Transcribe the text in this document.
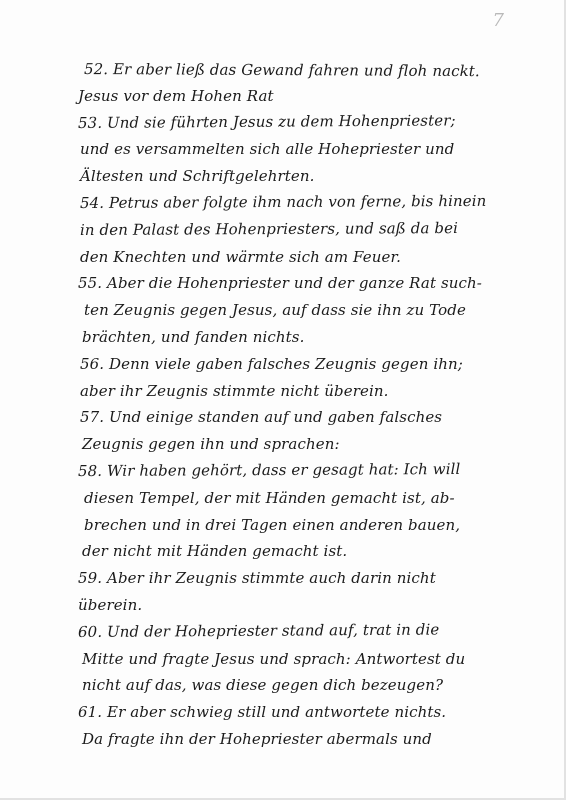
7
52. Er aber ließ das Gewand fahren und floh nackt.
Jesus vor dem Hohen Rat
53. Und sie führten Jesus zu dem Hohenpriester;
und es versammelten sich alle Hohepriester und
Ältesten und Schriftgelehrten.
54. Petrus aber folgte ihm nach von ferne, bis hinein
in den Palast des Hohenpriesters, und saß da bei
den Knechten und wärmte sich am Feuer.
55. Aber die Hohenpriester und der ganze Rat such-
ten Zeugnis gegen Jesus, auf dass sie ihn zu Tode
brächten, und fanden nichts.
56. Denn viele gaben falsches Zeugnis gegen ihn;
aber ihr Zeugnis stimmte nicht überein.
57. Und einige standen auf und gaben falsches
Zeugnis gegen ihn und sprachen:
58. Wir haben gehört, dass er gesagt hat: Ich will
diesen Tempel, der mit Händen gemacht ist, ab-
brechen und in drei Tagen einen anderen bauen,
der nicht mit Händen gemacht ist.
59. Aber ihr Zeugnis stimmte auch darin nicht
überein.
60. Und der Hohepriester stand auf, trat in die
Mitte und fragte Jesus und sprach: Antwortest du
nicht auf das, was diese gegen dich bezeugen?
61. Er aber schwieg still und antwortete nichts.
Da fragte ihn der Hohepriester abermals und
